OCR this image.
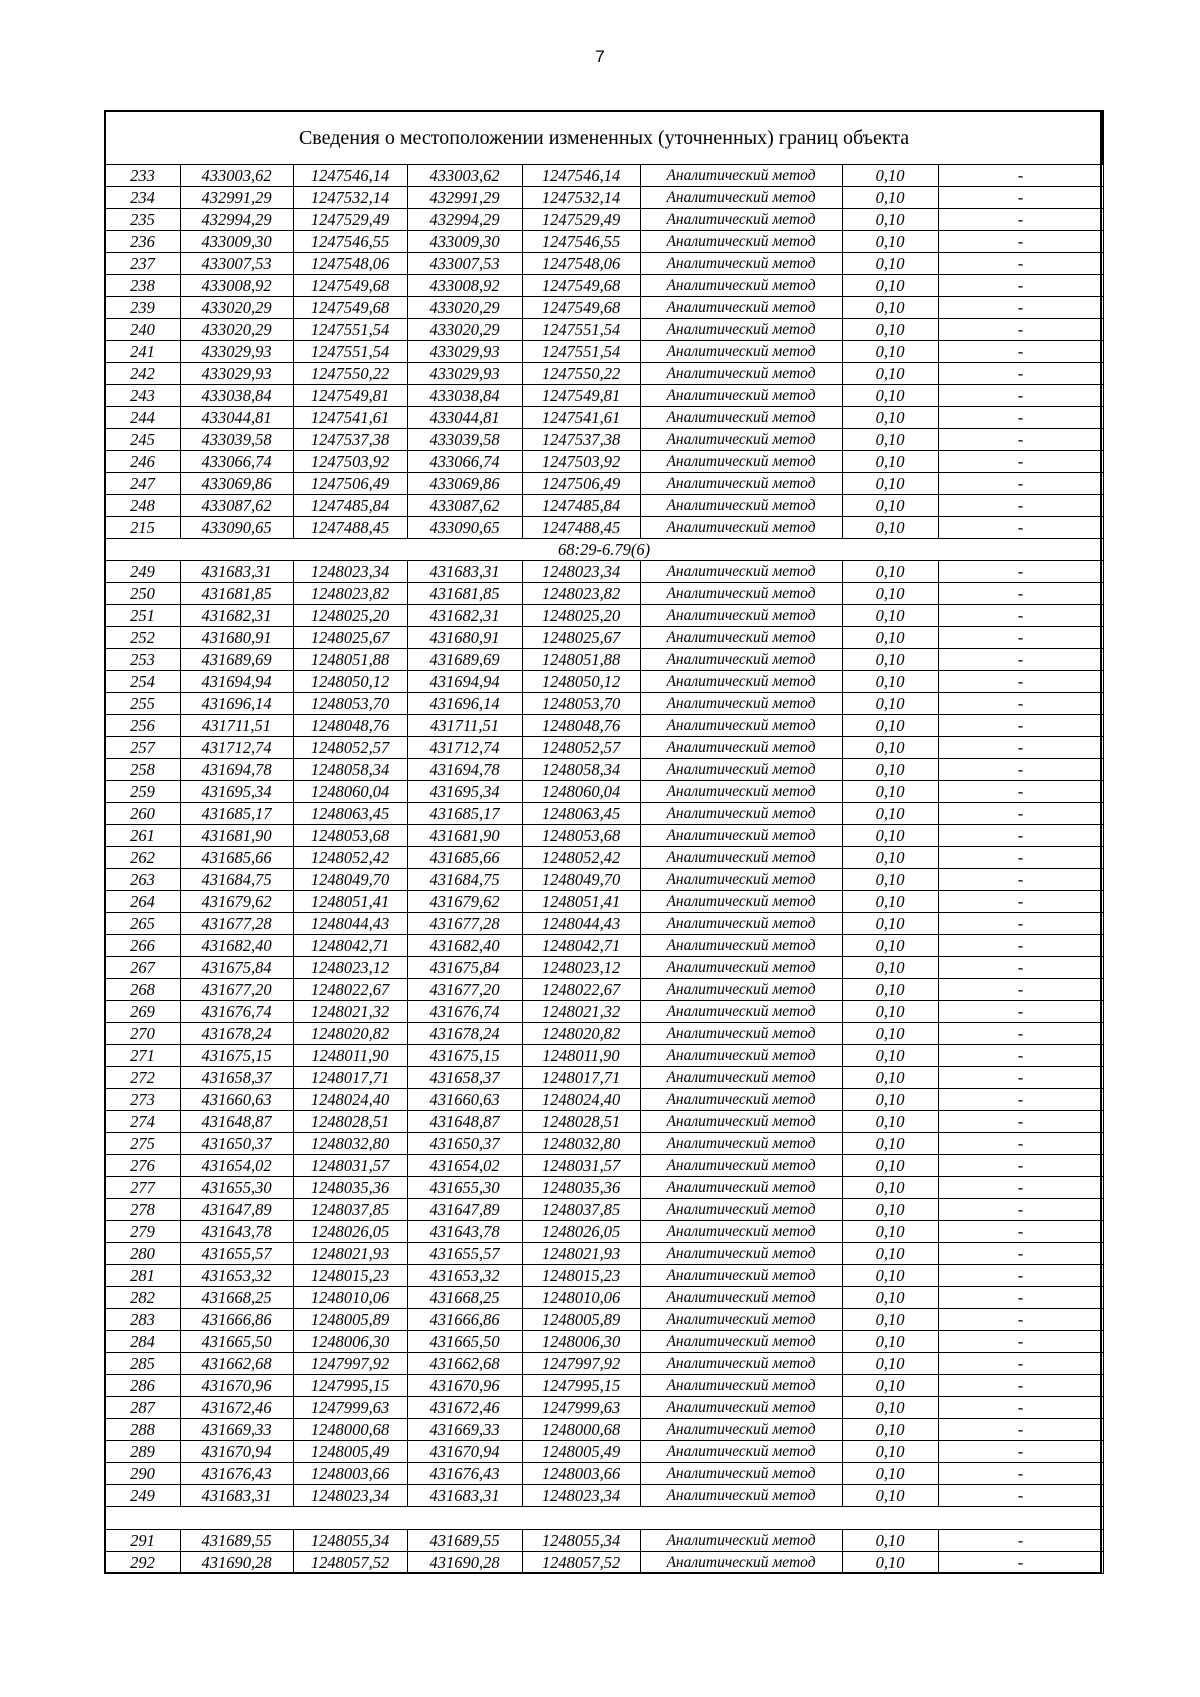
7
Сведения о местоположении измененных (уточненных) границ объекта							
233	433003,62	1247546,14	433003,62	1247546,14	Аналитический метод	0,10	-
234	432991,29	1247532,14	432991,29	1247532,14	Аналитический метод	0,10	-
235	432994,29	1247529,49	432994,29	1247529,49	Аналитический метод	0,10	-
236	433009,30	1247546,55	433009,30	1247546,55	Аналитический метод	0,10	-
237	433007,53	1247548,06	433007,53	1247548,06	Аналитический метод	0,10	-
238	433008,92	1247549,68	433008,92	1247549,68	Аналитический метод	0,10	-
239	433020,29	1247549,68	433020,29	1247549,68	Аналитический метод	0,10	-
240	433020,29	1247551,54	433020,29	1247551,54	Аналитический метод	0,10	-
241	433029,93	1247551,54	433029,93	1247551,54	Аналитический метод	0,10	-
242	433029,93	1247550,22	433029,93	1247550,22	Аналитический метод	0,10	-
243	433038,84	1247549,81	433038,84	1247549,81	Аналитический метод	0,10	-
244	433044,81	1247541,61	433044,81	1247541,61	Аналитический метод	0,10	-
245	433039,58	1247537,38	433039,58	1247537,38	Аналитический метод	0,10	-
246	433066,74	1247503,92	433066,74	1247503,92	Аналитический метод	0,10	-
247	433069,86	1247506,49	433069,86	1247506,49	Аналитический метод	0,10	-
248	433087,62	1247485,84	433087,62	1247485,84	Аналитический метод	0,10	-
215	433090,65	1247488,45	433090,65	1247488,45	Аналитический метод	0,10	-
68:29-6.79(6)							
249	431683,31	1248023,34	431683,31	1248023,34	Аналитический метод	0,10	-
250	431681,85	1248023,82	431681,85	1248023,82	Аналитический метод	0,10	-
251	431682,31	1248025,20	431682,31	1248025,20	Аналитический метод	0,10	-
252	431680,91	1248025,67	431680,91	1248025,67	Аналитический метод	0,10	-
253	431689,69	1248051,88	431689,69	1248051,88	Аналитический метод	0,10	-
254	431694,94	1248050,12	431694,94	1248050,12	Аналитический метод	0,10	-
255	431696,14	1248053,70	431696,14	1248053,70	Аналитический метод	0,10	-
256	431711,51	1248048,76	431711,51	1248048,76	Аналитический метод	0,10	-
257	431712,74	1248052,57	431712,74	1248052,57	Аналитический метод	0,10	-
258	431694,78	1248058,34	431694,78	1248058,34	Аналитический метод	0,10	-
259	431695,34	1248060,04	431695,34	1248060,04	Аналитический метод	0,10	-
260	431685,17	1248063,45	431685,17	1248063,45	Аналитический метод	0,10	-
261	431681,90	1248053,68	431681,90	1248053,68	Аналитический метод	0,10	-
262	431685,66	1248052,42	431685,66	1248052,42	Аналитический метод	0,10	-
263	431684,75	1248049,70	431684,75	1248049,70	Аналитический метод	0,10	-
264	431679,62	1248051,41	431679,62	1248051,41	Аналитический метод	0,10	-
265	431677,28	1248044,43	431677,28	1248044,43	Аналитический метод	0,10	-
266	431682,40	1248042,71	431682,40	1248042,71	Аналитический метод	0,10	-
267	431675,84	1248023,12	431675,84	1248023,12	Аналитический метод	0,10	-
268	431677,20	1248022,67	431677,20	1248022,67	Аналитический метод	0,10	-
269	431676,74	1248021,32	431676,74	1248021,32	Аналитический метод	0,10	-
270	431678,24	1248020,82	431678,24	1248020,82	Аналитический метод	0,10	-
271	431675,15	1248011,90	431675,15	1248011,90	Аналитический метод	0,10	-
272	431658,37	1248017,71	431658,37	1248017,71	Аналитический метод	0,10	-
273	431660,63	1248024,40	431660,63	1248024,40	Аналитический метод	0,10	-
274	431648,87	1248028,51	431648,87	1248028,51	Аналитический метод	0,10	-
275	431650,37	1248032,80	431650,37	1248032,80	Аналитический метод	0,10	-
276	431654,02	1248031,57	431654,02	1248031,57	Аналитический метод	0,10	-
277	431655,30	1248035,36	431655,30	1248035,36	Аналитический метод	0,10	-
278	431647,89	1248037,85	431647,89	1248037,85	Аналитический метод	0,10	-
279	431643,78	1248026,05	431643,78	1248026,05	Аналитический метод	0,10	-
280	431655,57	1248021,93	431655,57	1248021,93	Аналитический метод	0,10	-
281	431653,32	1248015,23	431653,32	1248015,23	Аналитический метод	0,10	-
282	431668,25	1248010,06	431668,25	1248010,06	Аналитический метод	0,10	-
283	431666,86	1248005,89	431666,86	1248005,89	Аналитический метод	0,10	-
284	431665,50	1248006,30	431665,50	1248006,30	Аналитический метод	0,10	-
285	431662,68	1247997,92	431662,68	1247997,92	Аналитический метод	0,10	-
286	431670,96	1247995,15	431670,96	1247995,15	Аналитический метод	0,10	-
287	431672,46	1247999,63	431672,46	1247999,63	Аналитический метод	0,10	-
288	431669,33	1248000,68	431669,33	1248000,68	Аналитический метод	0,10	-
289	431670,94	1248005,49	431670,94	1248005,49	Аналитический метод	0,10	-
290	431676,43	1248003,66	431676,43	1248003,66	Аналитический метод	0,10	-
249	431683,31	1248023,34	431683,31	1248023,34	Аналитический метод	0,10	-

291	431689,55	1248055,34	431689,55	1248055,34	Аналитический метод	0,10	-
292	431690,28	1248057,52	431690,28	1248057,52	Аналитический метод	0,10	-
